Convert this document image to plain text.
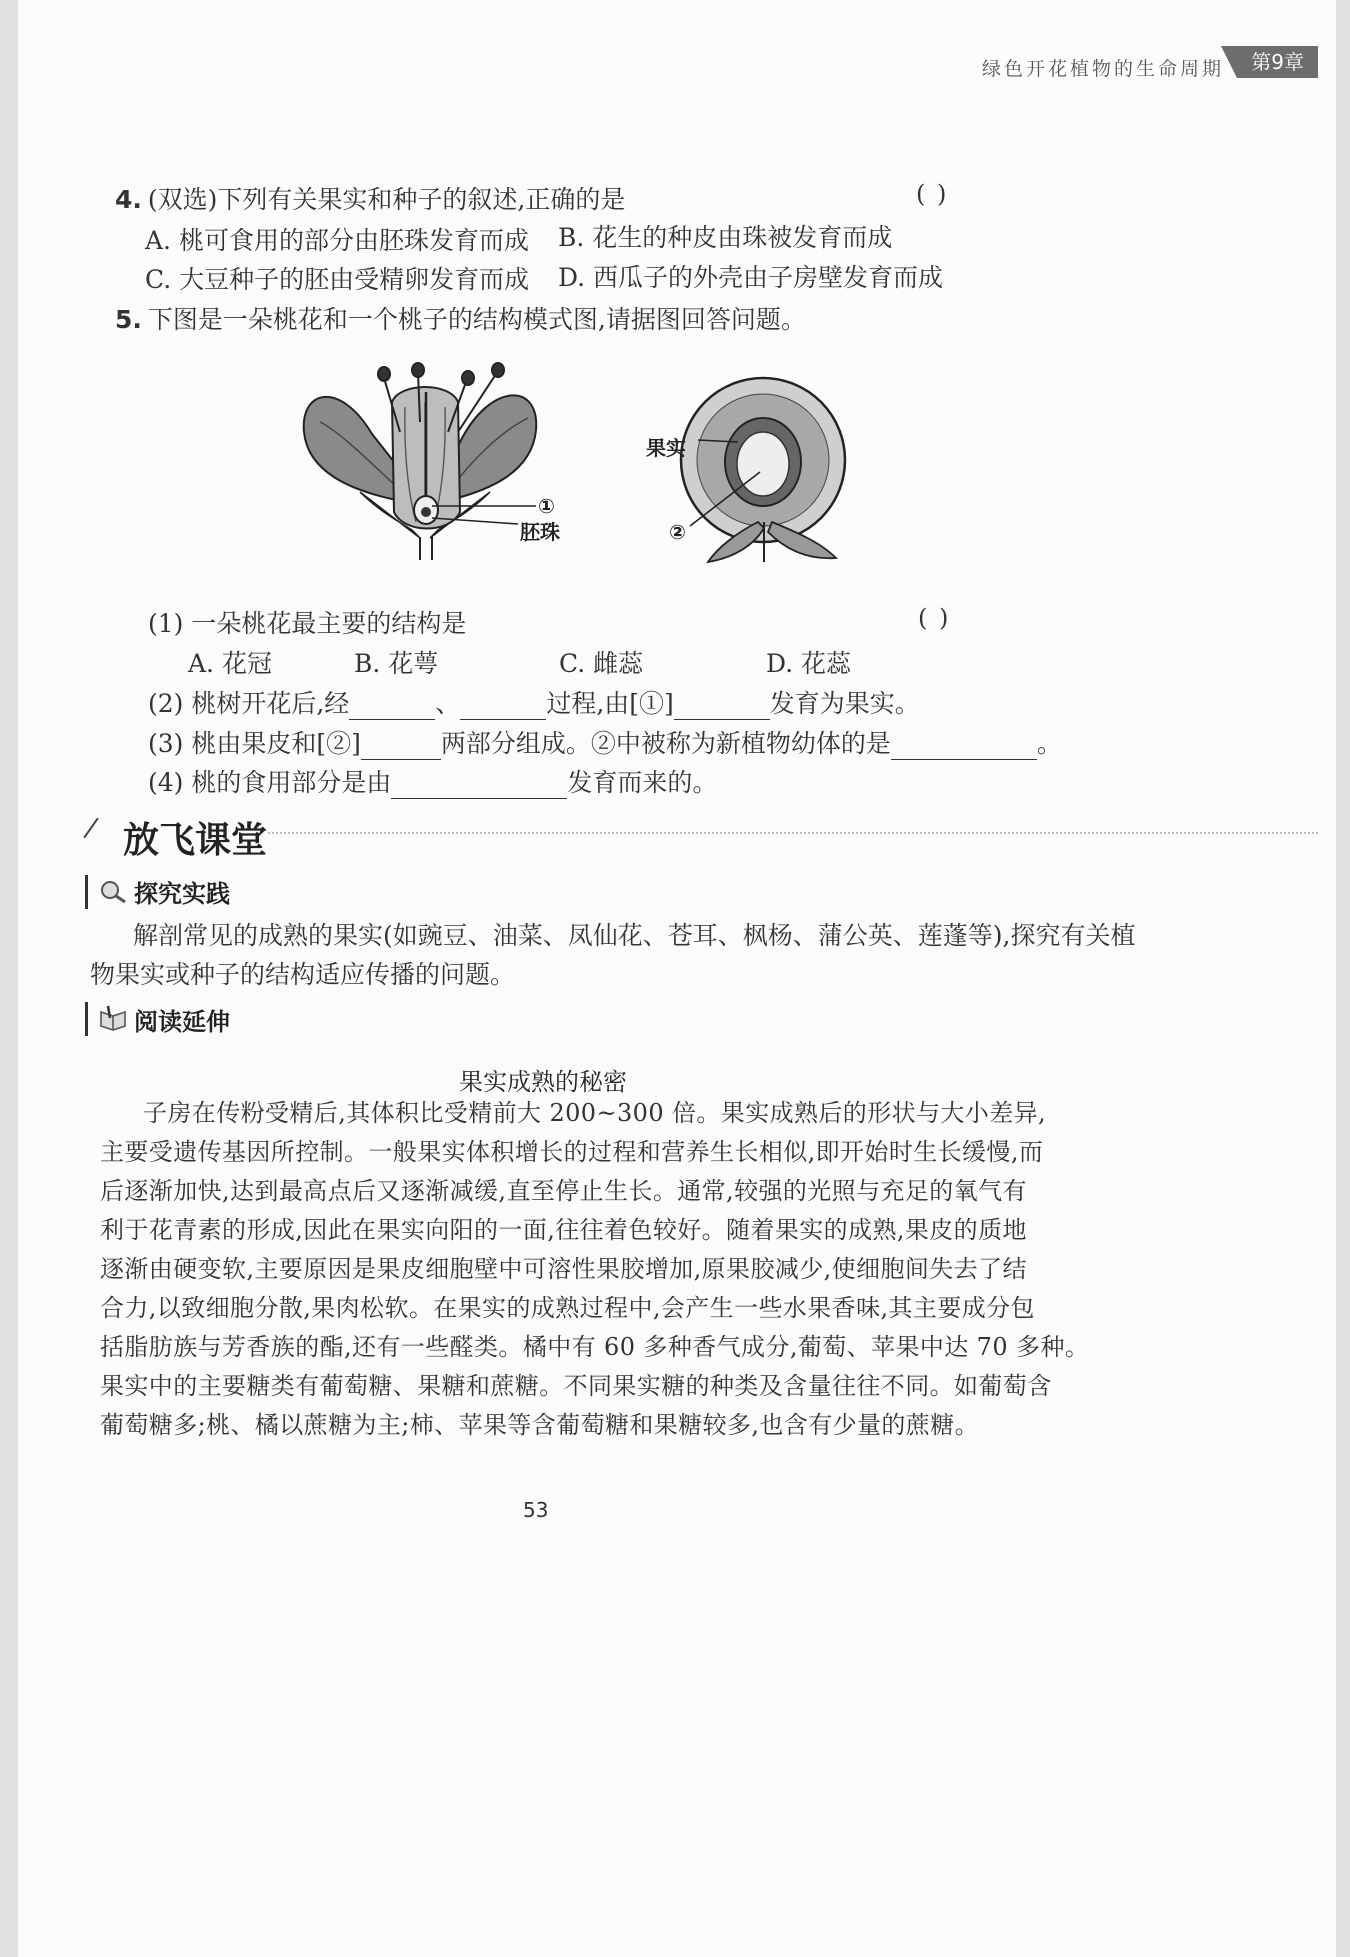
绿色开花植物的生命周期	第9章
4. (双选)下列有关果实和种子的叙述,正确的是	( )
A. 桃可食用的部分由胚珠发育而成 B. 花生的种皮由珠被发育而成
C. 大豆种子的胚由受精卵发育而成 D. 西瓜子的外壳由子房壁发育而成
5. 下图是一朵桃花和一个桃子的结构模式图,请据图回答问题。
①
胚珠
果实
②
(1) 一朵桃花最主要的结构是	( )
A. 花冠	B. 花萼	C. 雌蕊	D. 花蕊
(2) 桃树开花后,经	、	过程,由[①]	发育为果实。
(3) 桃由果皮和[②]	两部分组成。②中被称为新植物幼体的是	。
(4) 桃的食用部分是由	发育而来的。
放飞课堂
探究实践
解剖常见的成熟的果实(如豌豆、油菜、凤仙花、苍耳、枫杨、蒲公英、莲蓬等),探究有关植
物果实或种子的结构适应传播的问题。
阅读延伸
果实成熟的秘密
子房在传粉受精后,其体积比受精前大 200~300 倍。果实成熟后的形状与大小差异,
主要受遗传基因所控制。一般果实体积增长的过程和营养生长相似,即开始时生长缓慢,而
后逐渐加快,达到最高点后又逐渐减缓,直至停止生长。通常,较强的光照与充足的氧气有
利于花青素的形成,因此在果实向阳的一面,往往着色较好。随着果实的成熟,果皮的质地
逐渐由硬变软,主要原因是果皮细胞壁中可溶性果胶增加,原果胶减少,使细胞间失去了结
合力,以致细胞分散,果肉松软。在果实的成熟过程中,会产生一些水果香味,其主要成分包
括脂肪族与芳香族的酯,还有一些醛类。橘中有 60 多种香气成分,葡萄、苹果中达 70 多种。
果实中的主要糖类有葡萄糖、果糖和蔗糖。不同果实糖的种类及含量往往不同。如葡萄含
葡萄糖多;桃、橘以蔗糖为主;柿、苹果等含葡萄糖和果糖较多,也含有少量的蔗糖。
53
